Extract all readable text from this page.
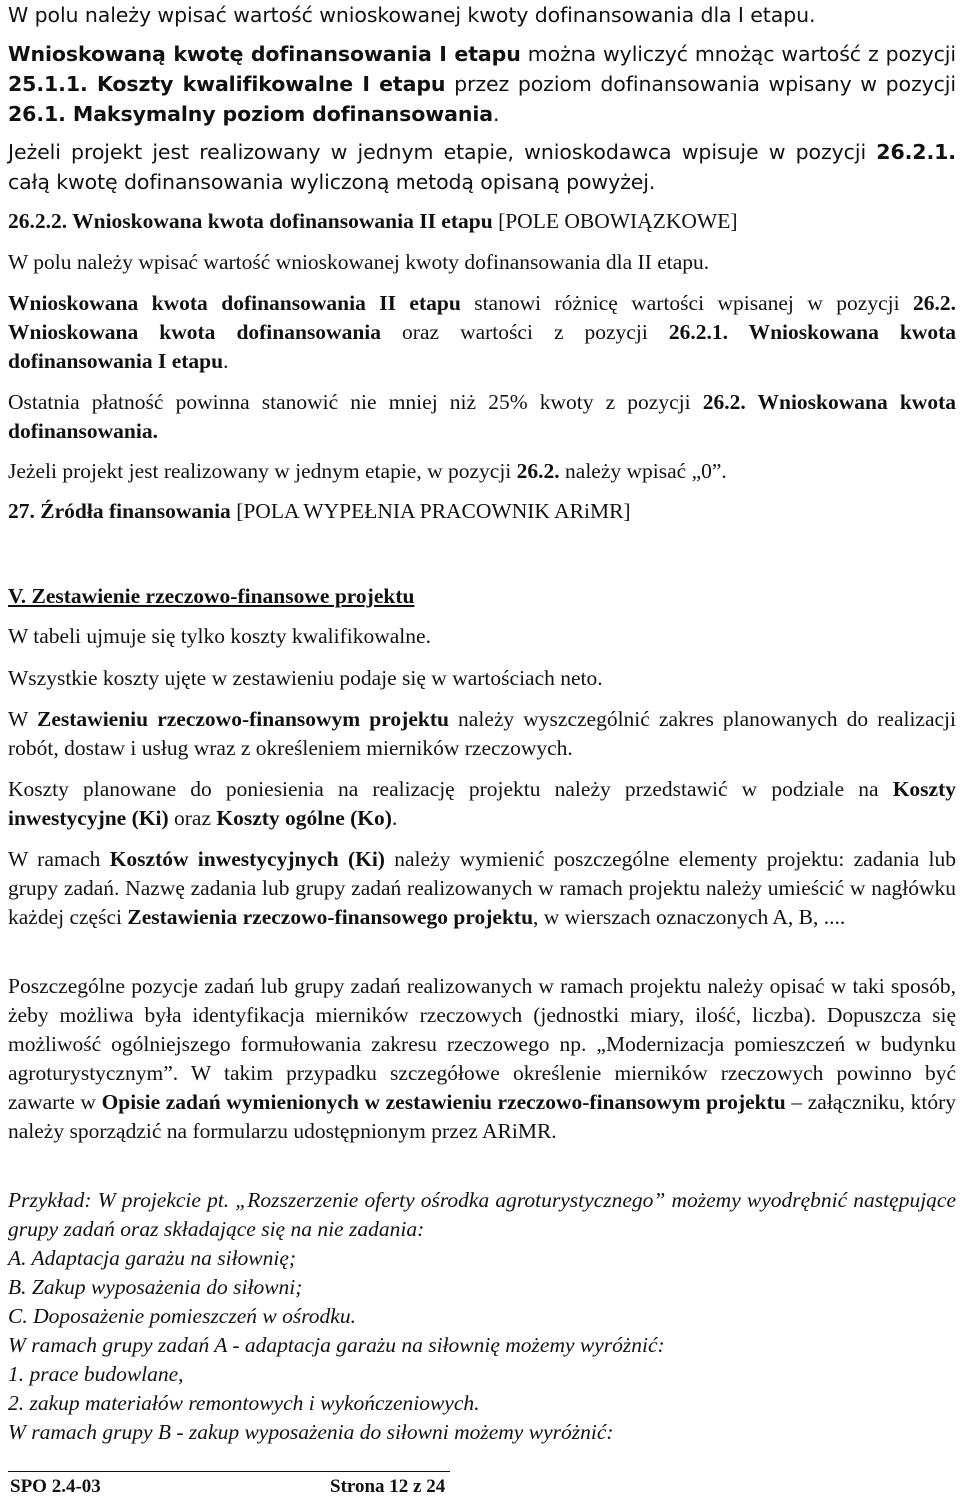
W polu należy wpisać wartość wnioskowanej kwoty dofinansowania dla I etapu.

Wnioskowaną kwotę dofinansowania I etapu można wyliczyć mnożąc wartość z pozycji 25.1.1. Koszty kwalifikowalne I etapu przez poziom dofinansowania wpisany w pozycji 26.1. Maksymalny poziom dofinansowania.

Jeżeli projekt jest realizowany w jednym etapie, wnioskodawca wpisuje w pozycji 26.2.1. całą kwotę dofinansowania wyliczoną metodą opisaną powyżej.

26.2.2. Wnioskowana kwota dofinansowania II etapu [POLE OBOWIĄZKOWE]

W polu należy wpisać wartość wnioskowanej kwoty dofinansowania dla II etapu.

Wnioskowana kwota dofinansowania II etapu stanowi różnicę wartości wpisanej w pozycji 26.2. Wnioskowana kwota dofinansowania oraz wartości z pozycji 26.2.1. Wnioskowana kwota dofinansowania I etapu.

Ostatnia płatność powinna stanowić nie mniej niż 25% kwoty z pozycji 26.2. Wnioskowana kwota dofinansowania.

Jeżeli projekt jest realizowany w jednym etapie, w pozycji 26.2. należy wpisać „0”.

27. Źródła finansowania [POLA WYPEŁNIA PRACOWNIK ARiMR]

V. Zestawienie rzeczowo-finansowe projektu

W tabeli ujmuje się tylko koszty kwalifikowalne.

Wszystkie koszty ujęte w zestawieniu podaje się w wartościach neto.

W Zestawieniu rzeczowo-finansowym projektu należy wyszczególnić zakres planowanych do realizacji robót, dostaw i usług wraz z określeniem mierników rzeczowych.

Koszty planowane do poniesienia na realizację projektu należy przedstawić w podziale na Koszty inwestycyjne (Ki) oraz Koszty ogólne (Ko).

W ramach Kosztów inwestycyjnych (Ki) należy wymienić poszczególne elementy projektu: zadania lub grupy zadań. Nazwę zadania lub grupy zadań realizowanych w ramach projektu należy umieścić w nagłówku każdej części Zestawienia rzeczowo-finansowego projektu, w wierszach oznaczonych A, B, ....

Poszczególne pozycje zadań lub grupy zadań realizowanych w ramach projektu należy opisać w taki sposób, żeby możliwa była identyfikacja mierników rzeczowych (jednostki miary, ilość, liczba). Dopuszcza się możliwość ogólniejszego formułowania zakresu rzeczowego np. „Modernizacja pomieszczeń w budynku agroturystycznym”. W takim przypadku szczegółowe określenie mierników rzeczowych powinno być zawarte w Opisie zadań wymienionych w zestawieniu rzeczowo-finansowym projektu – załączniku, który należy sporządzić na formularzu udostępnionym przez ARiMR.

Przykład: W projekcie pt. „Rozszerzenie oferty ośrodka agroturystycznego” możemy wyodrębnić następujące grupy zadań oraz składające się na nie zadania:

A. Adaptacja garażu na siłownię;
B. Zakup wyposażenia do siłowni;
C. Doposażenie pomieszczeń w ośrodku.
W ramach grupy zadań A - adaptacja garażu na siłownię możemy wyróżnić:
1. prace budowlane,
2. zakup materiałów remontowych i wykończeniowych.
W ramach grupy B - zakup wyposażenia do siłowni możemy wyróżnić:
SPO 2.4-03	Strona 12 z 24
